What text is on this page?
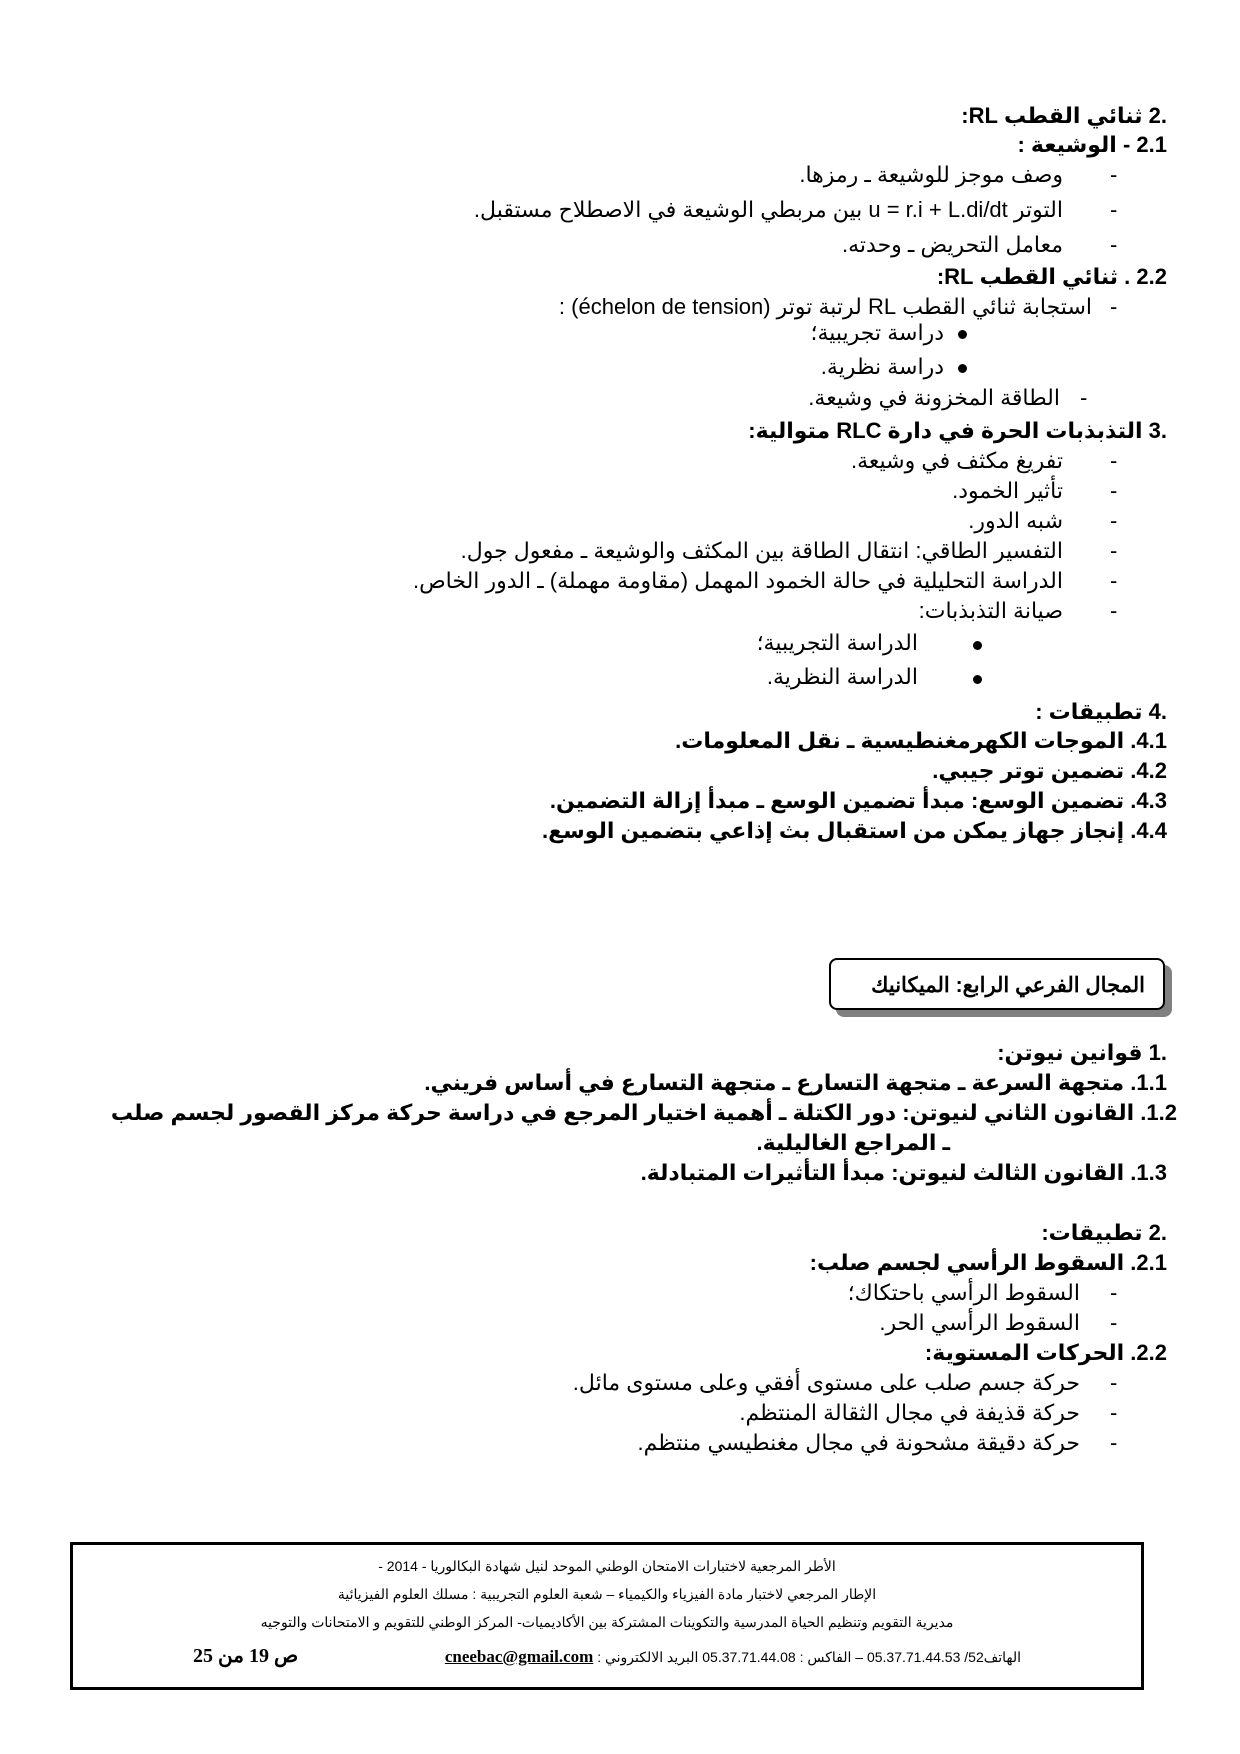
.2 ثنائي القطب RL:
2.1 - الوشيعة :
-
وصف موجز للوشيعة ـ رمزها.
-
التوتر u = r.i + L.di/dt بين مربطي الوشيعة في الاصطلاح مستقبل.
-
معامل التحريض ـ وحدته.
2.2 . ثنائي القطب RL:
-
استجابة ثنائي القطب RL لرتبة توتر (échelon de tension) :
دراسة تجريبية؛
دراسة نظرية.
-
الطاقة المخزونة في وشيعة.
.3 التذبذبات الحرة في دارة RLC متوالية:
-
تفريغ مكثف في وشيعة.
-
تأثير الخمود.
-
شبه الدور.
-
التفسير الطاقي: انتقال الطاقة بين المكثف والوشيعة ـ مفعول جول.
-
الدراسة التحليلية في حالة الخمود المهمل (مقاومة مهملة) ـ الدور الخاص.
-
صيانة التذبذبات:
الدراسة التجريبية؛
الدراسة النظرية.
.4 تطبيقات :
4.1. الموجات الكهرمغنطيسية ـ نقل المعلومات.
4.2. تضمين توتر جيبي.
4.3. تضمين الوسع: مبدأ تضمين الوسع ـ مبدأ إزالة التضمين.
4.4. إنجاز جهاز يمكن من استقبال بث إذاعي بتضمين الوسع.
المجال الفرعي الرابع: الميكانيك
.1 قوانين نيوتن:
1.1. متجهة السرعة ـ متجهة التسارع ـ متجهة التسارع في أساس فريني.
1.2. القانون الثاني لنيوتن: دور الكتلة ـ أهمية اختيار المرجع في دراسة حركة مركز القصور لجسم صلب
ـ المراجع الغاليلية.
1.3. القانون الثالث لنيوتن: مبدأ التأثيرات المتبادلة.
.2 تطبيقات:
2.1. السقوط الرأسي لجسم صلب:
-
السقوط الرأسي باحتكاك؛
-
السقوط الرأسي الحر.
2.2. الحركات المستوية:
-
حركة جسم صلب على مستوى أفقي وعلى مستوى مائل.
-
حركة قذيفة في مجال الثقالة المنتظم.
-
حركة دقيقة مشحونة في مجال مغنطيسي منتظم.
الأطر المرجعية لاختبارات الامتحان الوطني الموحد لنيل شهادة البكالوريا - 2014 -
الإطار المرجعي لاختبار مادة الفيزياء والكيمياء – شعبة العلوم التجريبية : مسلك العلوم الفيزيائية
مديرية التقويم وتنظيم الحياة المدرسية والتكوينات المشتركة بين الأكاديميات- المركز الوطني للتقويم و الامتحانات والتوجيه
الهاتف52/ 05.37.71.44.53 – الفاكس : 05.37.71.44.08 البريد الالكتروني : cneebac@gmail.com
ص 19 من 25
